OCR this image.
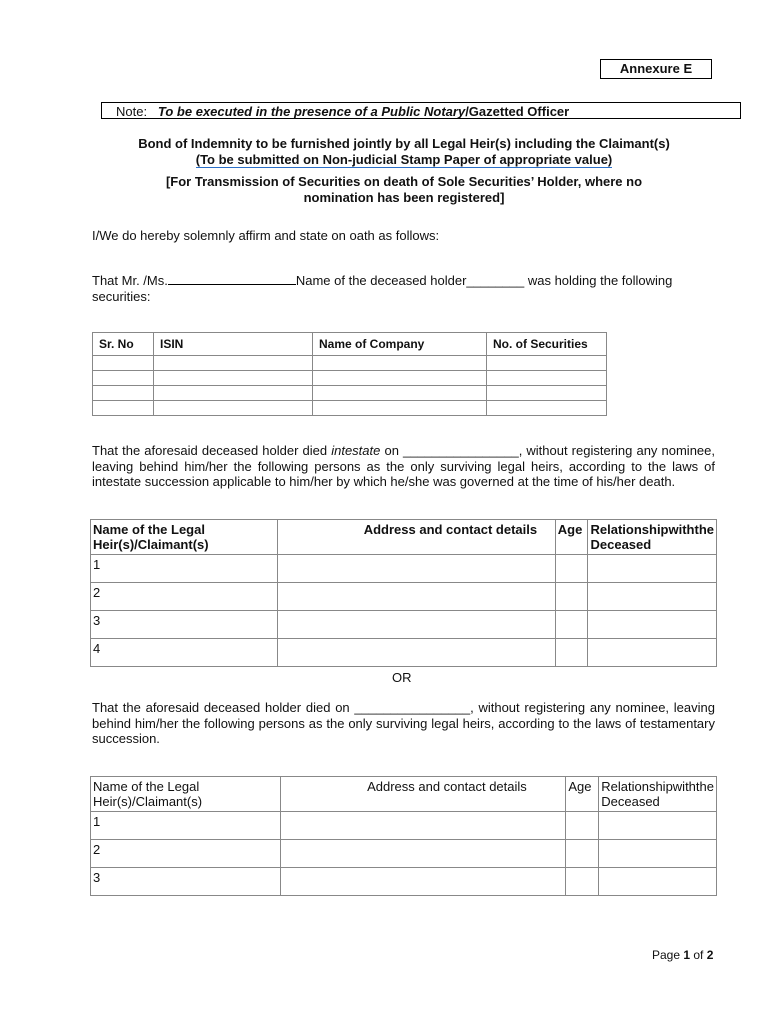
Annexure E
Note: To be executed in the presence of a Public Notary/Gazetted Officer
Bond of Indemnity to be furnished jointly by all Legal Heir(s) including the Claimant(s)
(To be submitted on Non-judicial Stamp Paper of appropriate value)
[For Transmission of Securities on death of Sole Securities’ Holder, where no
nomination has been registered]
I/We do hereby solemnly affirm and state on oath as follows:
That Mr. /Ms.	Name of the deceased holder________ was holding the following
securities:
Sr. No	ISIN	Name of Company	No. of Securities

That the aforesaid deceased holder died intestate on ________________, without registering any nominee, leaving behind him/her the following persons as the only surviving legal heirs, according to the laws of intestate succession applicable to him/her by which he/she was governed at the time of his/her death.
Name of the Legal Heir(s)/Claimant(s)	Address and contact details	Age	Relationship with the
Deceased

1			
2			
3			
4			
OR
That the aforesaid deceased holder died on ________________, without registering any nominee, leaving behind him/her the following persons as the only surviving legal heirs, according to the laws of testamentary succession.
Name of the Legal Heir(s)/Claimant(s)	Address and contact details	Age	Relationship with the
Deceased

1			
2			
3			
Page 1 of 2
